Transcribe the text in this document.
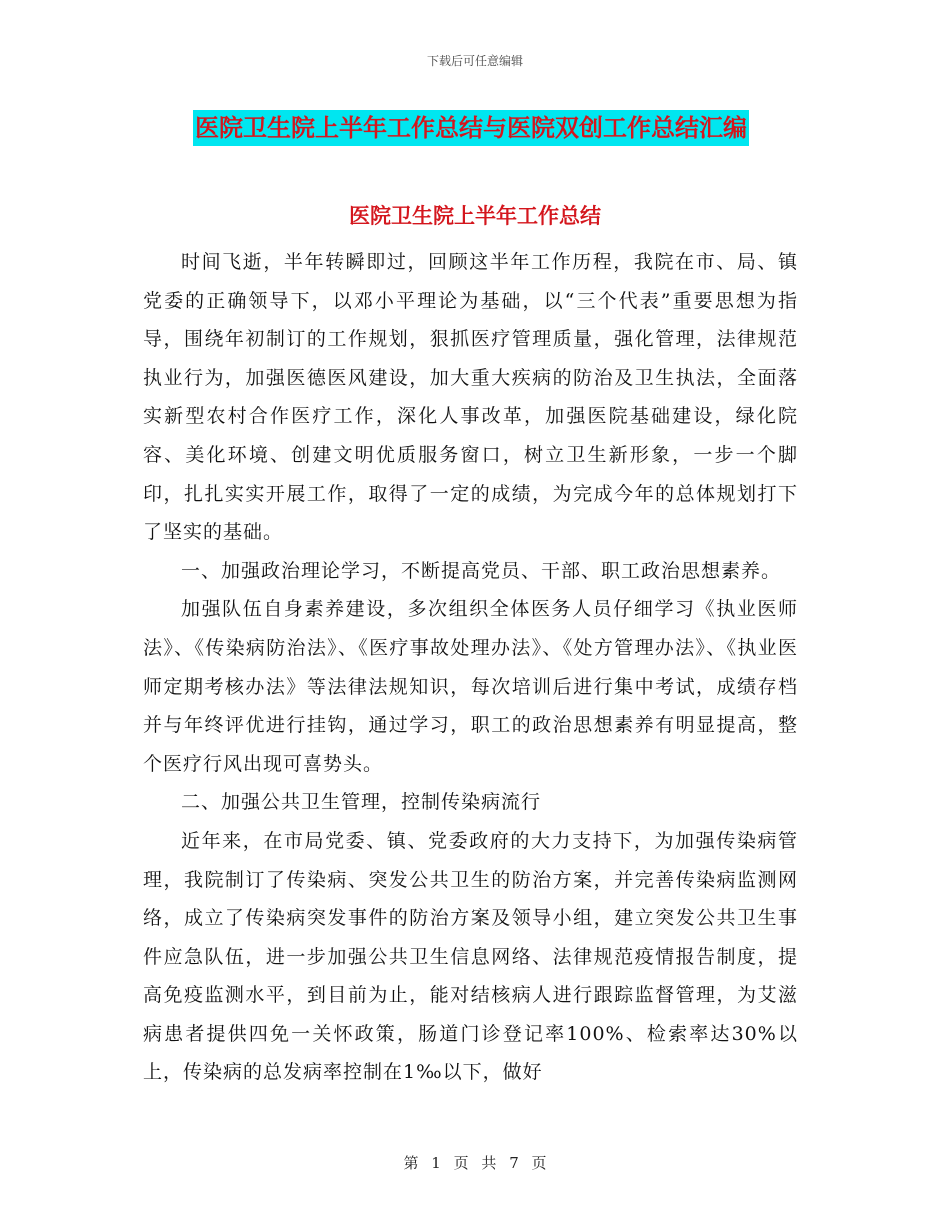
下载后可任意编辑
医院卫生院上半年工作总结与医院双创工作总结汇编
医院卫生院上半年工作总结

时间飞逝，半年转瞬即过，回顾这半年工作历程，我院在市、局、镇党委的正确领导下，以邓小平理论为基础，以“三个代表”重要思想为指导，围绕年初制订的工作规划，狠抓医疗管理质量，强化管理，法律规范执业行为，加强医德医风建设，加大重大疾病的防治及卫生执法，全面落实新型农村合作医疗工作，深化人事改革，加强医院基础建设，绿化院容、美化环境、创建文明优质服务窗口，树立卫生新形象，一步一个脚印，扎扎实实开展工作，取得了一定的成绩，为完成今年的总体规划打下了坚实的基础。

一、加强政治理论学习，不断提高党员、干部、职工政治思想素养。

加强队伍自身素养建设，多次组织全体医务人员仔细学习《执业医师法》、《传染病防治法》、《医疗事故处理办法》、《处方管理办法》、《执业医师定期考核办法》等法律法规知识，每次培训后进行集中考试，成绩存档并与年终评优进行挂钩，通过学习，职工的政治思想素养有明显提高，整个医疗行风出现可喜势头。

二、加强公共卫生管理，控制传染病流行

近年来，在市局党委、镇、党委政府的大力支持下，为加强传染病管理，我院制订了传染病、突发公共卫生的防治方案，并完善传染病监测网络，成立了传染病突发事件的防治方案及领导小组，建立突发公共卫生事件应急队伍，进一步加强公共卫生信息网络、法律规范疫情报告制度，提高免疫监测水平，到目前为止，能对结核病人进行跟踪监督管理，为艾滋病患者提供四免一关怀政策，肠道门诊登记率100%、检索率达30%以上，传染病的总发病率控制在1‰以下，做好

第 1 页 共 7 页
